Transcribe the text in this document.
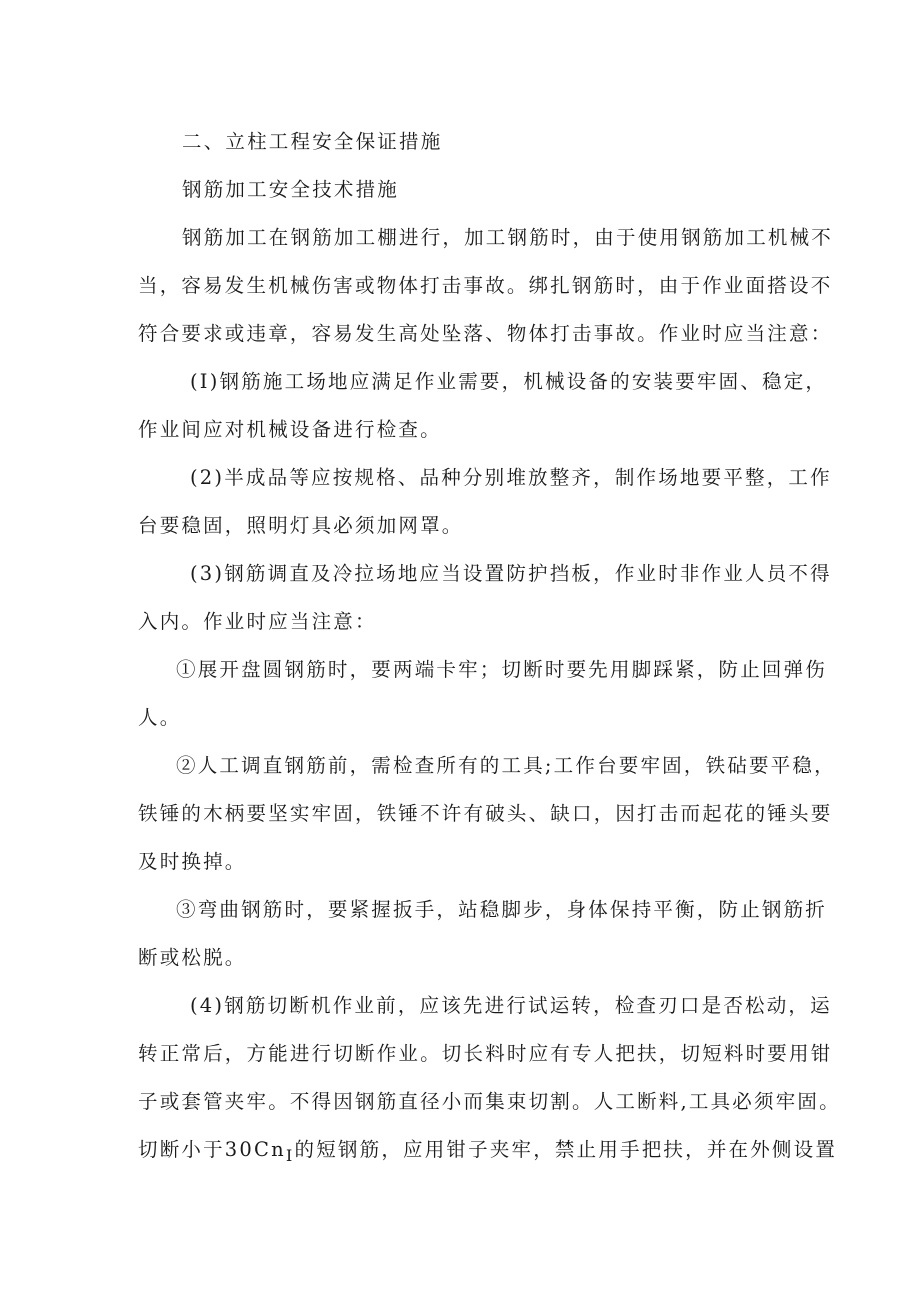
二、立柱工程安全保证措施

钢筋加工安全技术措施

钢筋加工在钢筋加工棚进行，加工钢筋时，由于使用钢筋加工机械不
当，容易发生机械伤害或物体打击事故。绑扎钢筋时，由于作业面搭设不
符合要求或违章，容易发生高处坠落、物体打击事故。作业时应当注意：

(I)钢筋施工场地应满足作业需要，机械设备的安装要牢固、稳定，
作业间应对机械设备进行检查。

(2)半成品等应按规格、品种分别堆放整齐，制作场地要平整，工作
台要稳固，照明灯具必须加网罩。

(3)钢筋调直及冷拉场地应当设置防护挡板，作业时非作业人员不得
入内。作业时应当注意：

①展开盘圆钢筋时，要两端卡牢；切断时要先用脚踩紧，防止回弹伤
人。

②人工调直钢筋前，需检查所有的工具;工作台要牢固，铁砧要平稳，
铁锤的木柄要坚实牢固，铁锤不许有破头、缺口，因打击而起花的锤头要
及时换掉。

③弯曲钢筋时，要紧握扳手，站稳脚步，身体保持平衡，防止钢筋折
断或松脱。

(4)钢筋切断机作业前，应该先进行试运转，检查刃口是否松动，运
转正常后，方能进行切断作业。切长料时应有专人把扶，切短料时要用钳
子或套管夹牢。不得因钢筋直径小而集束切割。人工断料,工具必须牢固。
切断小于$30Cn_I$的短钢筋，应用钳子夹牢，禁止用手把扶，并在外侧设置
